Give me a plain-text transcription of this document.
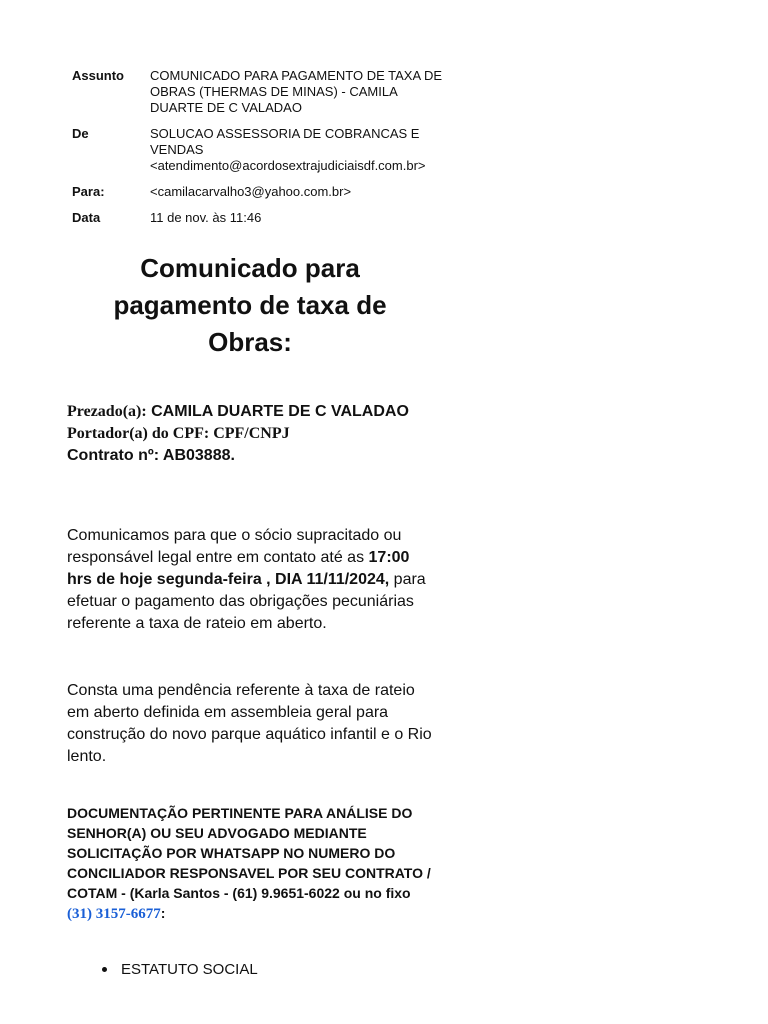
Assunto	COMUNICADO PARA PAGAMENTO DE TAXA DE OBRAS (THERMAS DE MINAS) - CAMILA DUARTE DE C VALADAO

De	SOLUCAO ASSESSORIA DE COBRANCAS E VENDAS <atendimento@acordosextrajudiciaisdf.com.br>

Para:	<camilacarvalho3@yahoo.com.br>

Data	11 de nov. às 11:46
Comunicado para pagamento de taxa de Obras:
Prezado(a): CAMILA DUARTE DE C VALADAO
Portador(a) do CPF: CPF/CNPJ
Contrato nº: AB03888.

Comunicamos para que o sócio supracitado ou responsável legal entre em contato até as 17:00 hrs de hoje segunda-feira , DIA 11/11/2024, para efetuar o pagamento das obrigações pecuniárias referente a taxa de rateio em aberto.

Consta uma pendência referente à taxa de rateio em aberto definida em assembleia geral para construção do novo parque aquático infantil e o Rio lento.

DOCUMENTAÇÃO PERTINENTE PARA ANÁLISE DO SENHOR(A) OU SEU ADVOGADO MEDIANTE SOLICITAÇÃO POR WHATSAPP NO NUMERO DO CONCILIADOR RESPONSAVEL POR SEU CONTRATO / COTAM - (Karla Santos - (61) 9.9651-6022 ou no fixo (31) 3157-6677:

ESTATUTO SOCIAL
